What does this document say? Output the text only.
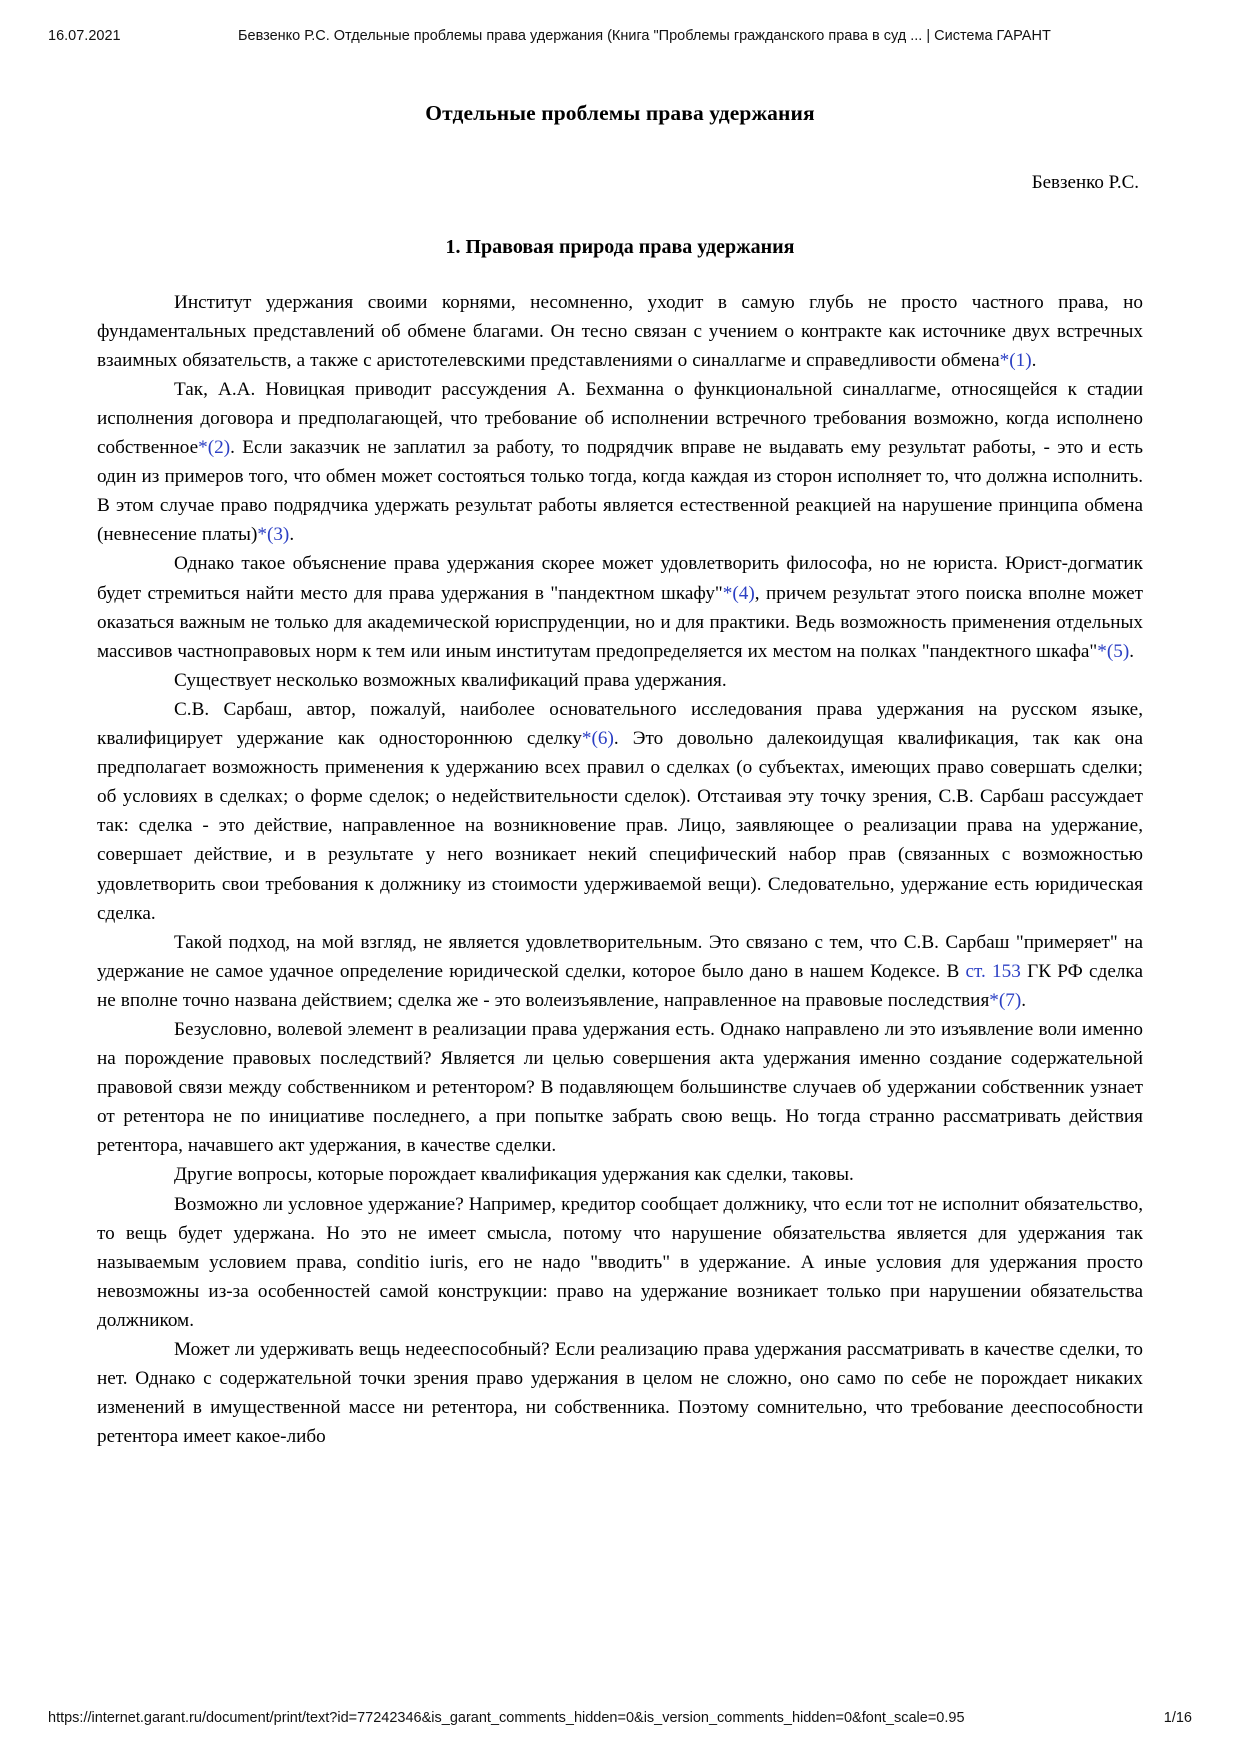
16.07.2021	Бевзенко Р.С. Отдельные проблемы права удержания (Книга "Проблемы гражданского права в суд ... | Система ГАРАНТ
Отдельные проблемы права удержания
Бевзенко Р.С.
1. Правовая природа права удержания

Институт удержания своими корнями, несомненно, уходит в самую глубь не просто частного права, но фундаментальных представлений об обмене благами. Он тесно связан с учением о контракте как источнике двух встречных взаимных обязательств, а также с аристотелевскими представлениями о синаллагме и справедливости обмена*(1).

Так, А.А. Новицкая приводит рассуждения А. Бехманна о функциональной синаллагме, относящейся к стадии исполнения договора и предполагающей, что требование об исполнении встречного требования возможно, когда исполнено собственное*(2). Если заказчик не заплатил за работу, то подрядчик вправе не выдавать ему результат работы, - это и есть один из примеров того, что обмен может состояться только тогда, когда каждая из сторон исполняет то, что должна исполнить. В этом случае право подрядчика удержать результат работы является естественной реакцией на нарушение принципа обмена (невнесение платы)*(3).

Однако такое объяснение права удержания скорее может удовлетворить философа, но не юриста. Юрист-догматик будет стремиться найти место для права удержания в "пандектном шкафу"*(4), причем результат этого поиска вполне может оказаться важным не только для академической юриспруденции, но и для практики. Ведь возможность применения отдельных массивов частноправовых норм к тем или иным институтам предопределяется их местом на полках "пандектного шкафа"*(5).

Существует несколько возможных квалификаций права удержания.

С.В. Сарбаш, автор, пожалуй, наиболее основательного исследования права удержания на русском языке, квалифицирует удержание как одностороннюю сделку*(6). Это довольно далекоидущая квалификация, так как она предполагает возможность применения к удержанию всех правил о сделках (о субъектах, имеющих право совершать сделки; об условиях в сделках; о форме сделок; о недействительности сделок). Отстаивая эту точку зрения, С.В. Сарбаш рассуждает так: сделка - это действие, направленное на возникновение прав. Лицо, заявляющее о реализации права на удержание, совершает действие, и в результате у него возникает некий специфический набор прав (связанных с возможностью удовлетворить свои требования к должнику из стоимости удерживаемой вещи). Следовательно, удержание есть юридическая сделка.

Такой подход, на мой взгляд, не является удовлетворительным. Это связано с тем, что С.В. Сарбаш "примеряет" на удержание не самое удачное определение юридической сделки, которое было дано в нашем Кодексе. В ст. 153 ГК РФ сделка не вполне точно названа действием; сделка же - это волеизъявление, направленное на правовые последствия*(7).

Безусловно, волевой элемент в реализации права удержания есть. Однако направлено ли это изъявление воли именно на порождение правовых последствий? Является ли целью совершения акта удержания именно создание содержательной правовой связи между собственником и ретентором? В подавляющем большинстве случаев об удержании собственник узнает от ретентора не по инициативе последнего, а при попытке забрать свою вещь. Но тогда странно рассматривать действия ретентора, начавшего акт удержания, в качестве сделки.

Другие вопросы, которые порождает квалификация удержания как сделки, таковы.

Возможно ли условное удержание? Например, кредитор сообщает должнику, что если тот не исполнит обязательство, то вещь будет удержана. Но это не имеет смысла, потому что нарушение обязательства является для удержания так называемым условием права, conditio iuris, его не надо "вводить" в удержание. А иные условия для удержания просто невозможны из-за особенностей самой конструкции: право на удержание возникает только при нарушении обязательства должником.

Может ли удерживать вещь недееспособный? Если реализацию права удержания рассматривать в качестве сделки, то нет. Однако с содержательной точки зрения право удержания в целом не сложно, оно само по себе не порождает никаких изменений в имущественной массе ни ретентора, ни собственника. Поэтому сомнительно, что требование дееспособности ретентора имеет какое-либо

https://internet.garant.ru/document/print/text?id=77242346&is_garant_comments_hidden=0&is_version_comments_hidden=0&font_scale=0.95	1/16
